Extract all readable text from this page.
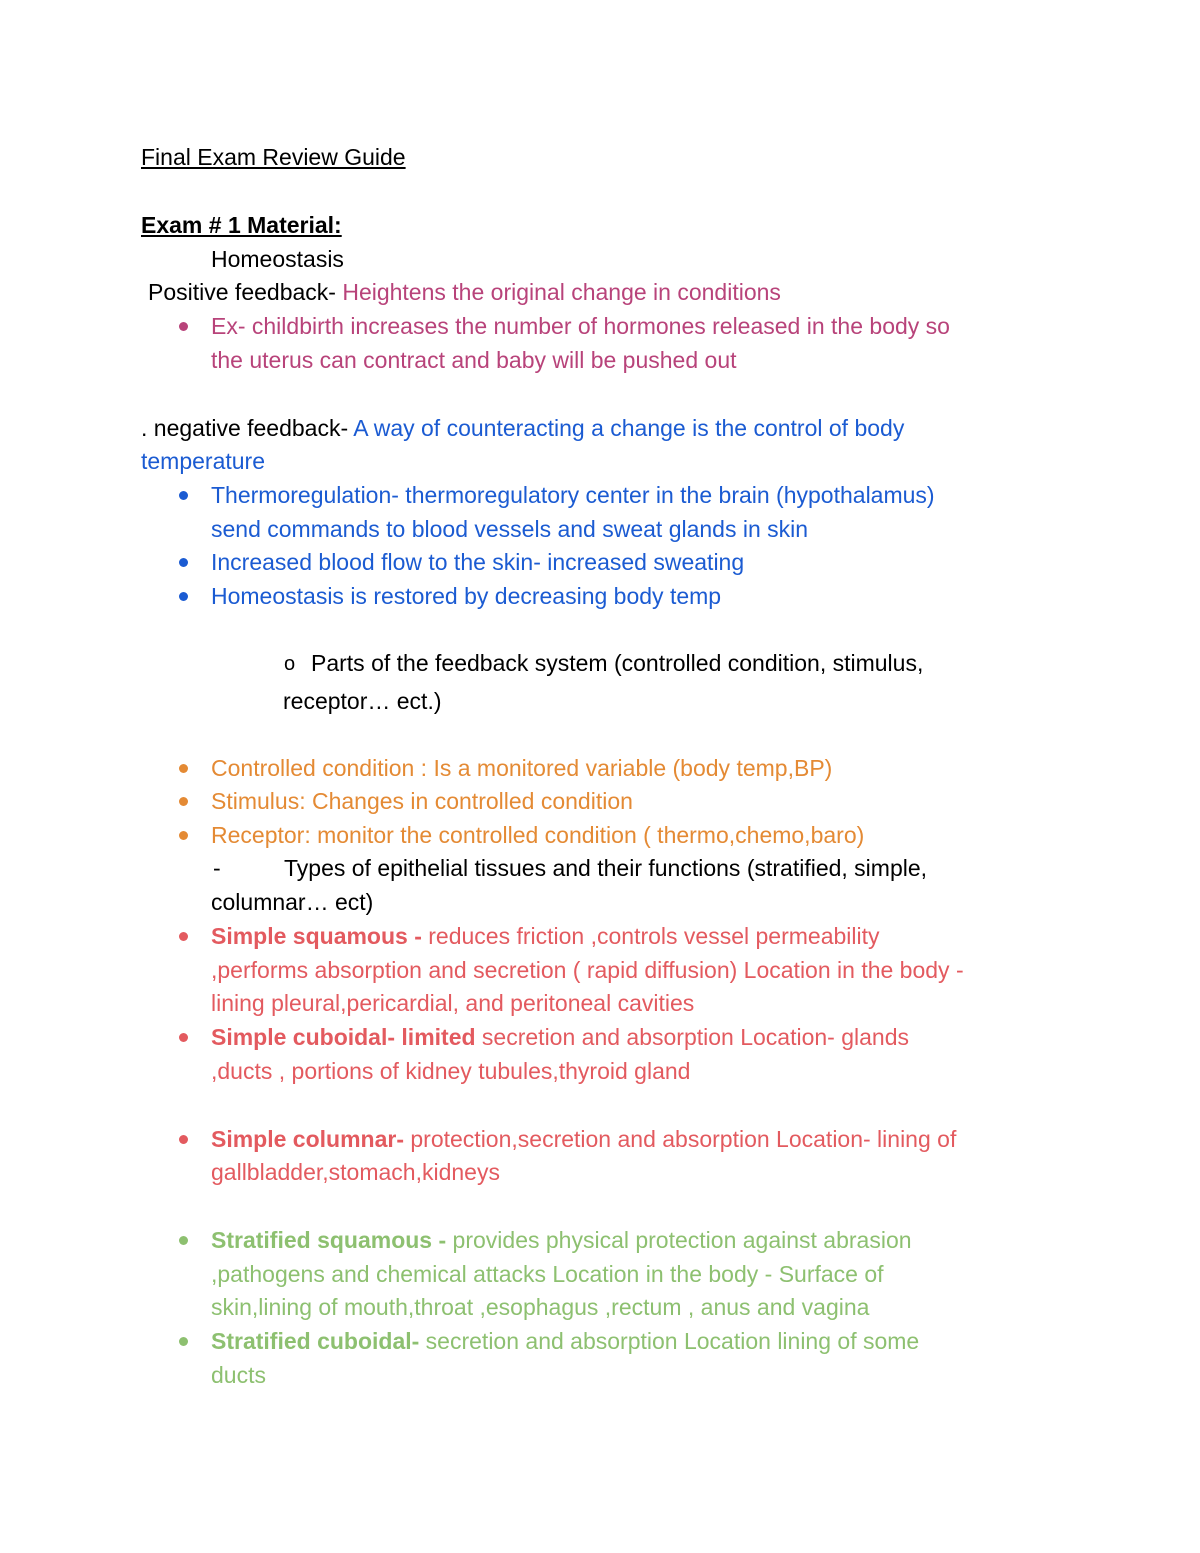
Final Exam Review Guide
Exam # 1 Material:
Homeostasis
Positive feedback- Heightens the original change in conditions
Ex- childbirth increases the number of hormones released in the body so
the uterus can contract and baby will be pushed out
. negative feedback- A way of counteracting a change is the control of body
temperature
Thermoregulation- thermoregulatory center in the brain (hypothalamus)
send commands to blood vessels and sweat glands in skin
Increased blood flow to the skin- increased sweating
Homeostasis is restored by decreasing body temp
o Parts of the feedback system (controlled condition, stimulus,
receptor… ect.)
Controlled condition : Is a monitored variable (body temp,BP)
Stimulus: Changes in controlled condition
Receptor: monitor the controlled condition ( thermo,chemo,baro)
-	Types of epithelial tissues and their functions (stratified, simple,
columnar… ect)
Simple squamous - reduces friction ,controls vessel permeability
,performs absorption and secretion ( rapid diffusion) Location in the body -
lining pleural,pericardial, and peritoneal cavities
Simple cuboidal- limited secretion and absorption Location- glands
,ducts , portions of kidney tubules,thyroid gland
Simple columnar- protection,secretion and absorption Location- lining of
gallbladder,stomach,kidneys
Stratified squamous - provides physical protection against abrasion
,pathogens and chemical attacks Location in the body - Surface of
skin,lining of mouth,throat ,esophagus ,rectum , anus and vagina
Stratified cuboidal- secretion and absorption Location lining of some
ducts
